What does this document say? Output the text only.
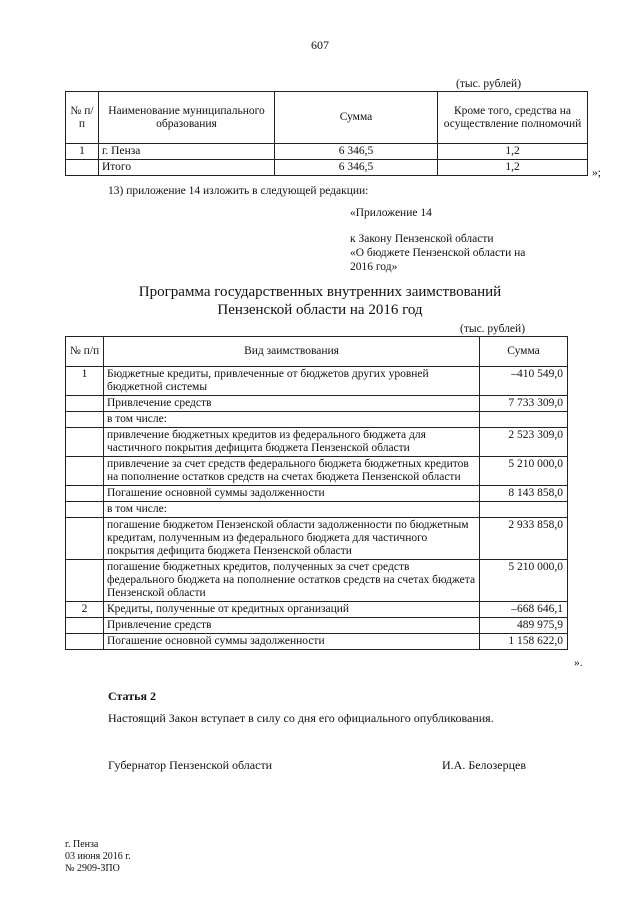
607
(тыс. рублей)
№ п/п	Наименование муниципального образования	Сумма	Кроме того, средства на осуществление полномочий
1	г. Пенза	6 346,5	1,2
	Итого	6 346,5	1,2	»;
13) приложение 14 изложить в следующей редакции:
«Приложение 14
к Закону Пензенской области
«О бюджете Пензенской области на
2016 год»
Программа государственных внутренних заимствований
Пензенской области на 2016 год
(тыс. рублей)
№ п/п	Вид заимствования	Сумма
1	Бюджетные кредиты, привлеченные от бюджетов других уровней бюджетной системы	–410 549,0
	Привлечение средств	7 733 309,0
	в том числе:	
	привлечение бюджетных кредитов из федерального бюджета для частичного покрытия дефицита бюджета Пензенской области	2 523 309,0
	привлечение за счет средств федерального бюджета бюджетных кредитов на пополнение остатков средств на счетах бюджета Пензенской области	5 210 000,0
	Погашение основной суммы задолженности	8 143 858,0
	в том числе:	
	погашение бюджетом Пензенской области задолженности по бюджетным кредитам, полученным из федерального бюджета для частичного покрытия дефицита бюджета Пензенской области	2 933 858,0
	погашение бюджетных кредитов, полученных за счет средств федерального бюджета на пополнение остатков средств на счетах бюджета Пензенской области	5 210 000,0
2	Кредиты, полученные от кредитных организаций	–668 646,1
	Привлечение средств	489 975,9
	Погашение основной суммы задолженности	1 158 622,0
».
Статья 2
Настоящий Закон вступает в силу со дня его официального опубликования.
Губернатор Пензенской области	И.А. Белозерцев
г. Пенза
03 июня 2016 г.
№ 2909-ЗПО
